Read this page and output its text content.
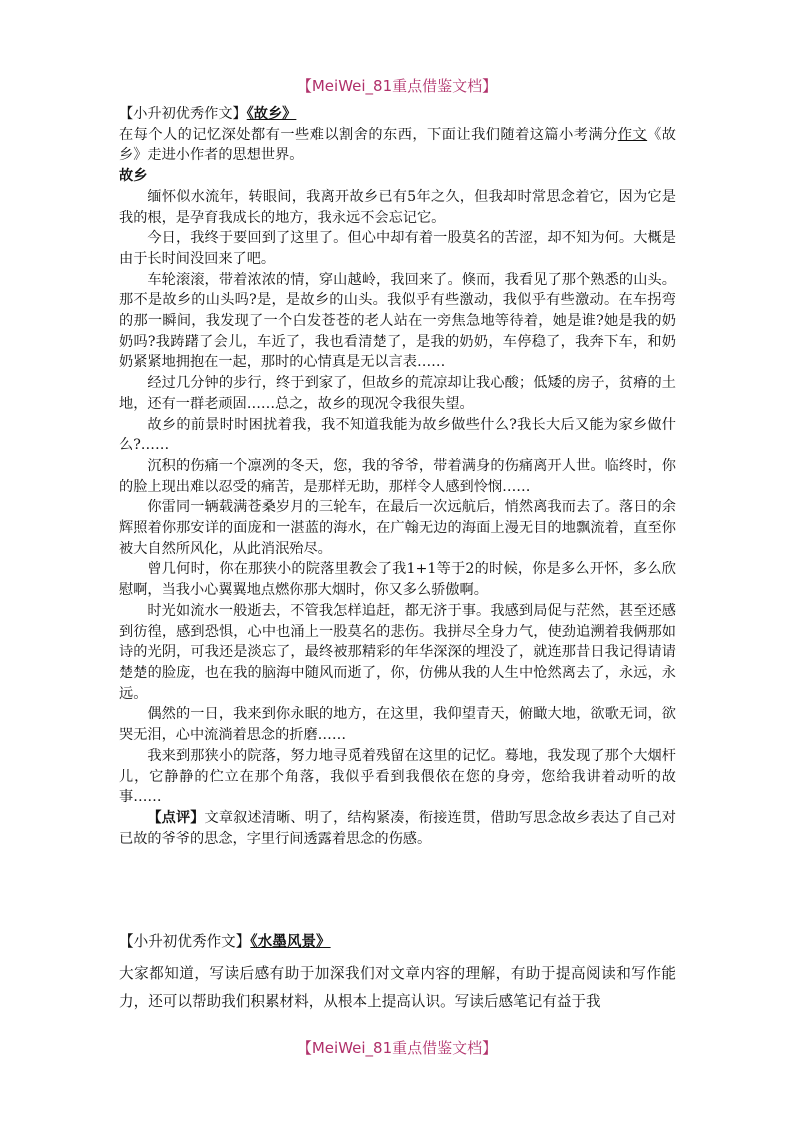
【MeiWei_81重点借鉴文档】

【小升初优秀作文】《故乡》

在每个人的记忆深处都有一些难以割舍的东西，下面让我们随着这篇小考满分作文《故乡》走进小作者的思想世界。

故乡

缅怀似水流年，转眼间，我离开故乡已有5年之久，但我却时常思念着它，因为它是我的根，是孕育我成长的地方，我永远不会忘记它。

今日，我终于要回到了这里了。但心中却有着一股莫名的苦涩，却不知为何。大概是由于长时间没回来了吧。

车轮滚滚，带着浓浓的情，穿山越岭，我回来了。倏而，我看见了那个熟悉的山头。那不是故乡的山头吗?是，是故乡的山头。我似乎有些激动，我似乎有些激动。在车拐弯的那一瞬间，我发现了一个白发苍苍的老人站在一旁焦急地等待着，她是谁?她是我的奶奶吗?我踌躇了会儿，车近了，我也看清楚了，是我的奶奶，车停稳了，我奔下车，和奶奶紧紧地拥抱在一起，那时的心情真是无以言表……

经过几分钟的步行，终于到家了，但故乡的荒凉却让我心酸；低矮的房子，贫瘠的土地，还有一群老顽固……总之，故乡的现况令我很失望。

故乡的前景时时困扰着我，我不知道我能为故乡做些什么?我长大后又能为家乡做什么?……

沉积的伤痛一个凛冽的冬天，您，我的爷爷，带着满身的伤痛离开人世。临终时，你的脸上现出难以忍受的痛苦，是那样无助，那样令人感到怜悯……

你雷同一辆载满苍桑岁月的三轮车，在最后一次远航后，悄然离我而去了。落日的余辉照着你那安详的面庞和一湛蓝的海水，在广翰无边的海面上漫无目的地飘流着，直至你被大自然所风化，从此消泯殆尽。

曾几何时，你在那狭小的院落里教会了我1+1等于2的时候，你是多么开怀，多么欣慰啊，当我小心翼翼地点燃你那大烟时，你又多么骄傲啊。

时光如流水一般逝去，不管我怎样追赶，都无济于事。我感到局促与茫然，甚至还感到彷徨，感到恐惧，心中也涌上一股莫名的悲伤。我拼尽全身力气，使劲追溯着我俩那如诗的光阴，可我还是淡忘了，最终被那精彩的年华深深的埋没了，就连那昔日我记得请请楚楚的脸庞，也在我的脑海中随风而逝了，你，仿佛从我的人生中怆然离去了，永远，永远。

偶然的一日，我来到你永眠的地方，在这里，我仰望青天，俯瞰大地，欲歌无词，欲哭无泪，心中流淌着思念的折磨……

我来到那狭小的院落，努力地寻觅着残留在这里的记忆。蓦地，我发现了那个大烟杆儿，它静静的伫立在那个角落，我似乎看到我偎依在您的身旁，您给我讲着动听的故事……

【点评】文章叙述清晰、明了，结构紧凑，衔接连贯，借助写思念故乡表达了自己对已故的爷爷的思念，字里行间透露着思念的伤感。

【小升初优秀作文】《水墨风景》

大家都知道，写读后感有助于加深我们对文章内容的理解，有助于提高阅读和写作能力，还可以帮助我们积累材料，从根本上提高认识。写读后感笔记有益于我

【MeiWei_81重点借鉴文档】
